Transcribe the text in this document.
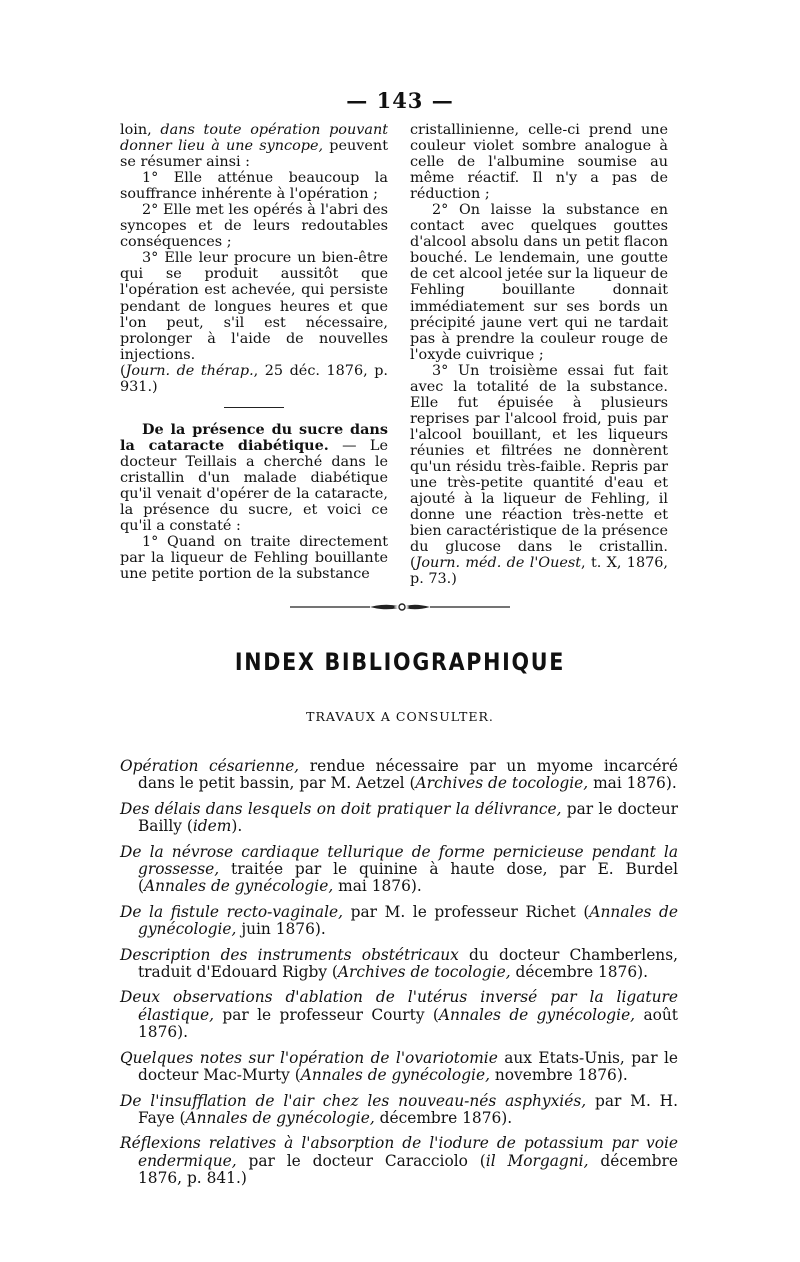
— 143 —

loin, dans toute opération pouvant donner lieu à une syncope, peuvent se résumer ainsi :

1° Elle atténue beaucoup la souffrance inhérente à l'opération ;

2° Elle met les opérés à l'abri des syncopes et de leurs redoutables conséquences ;

3° Elle leur procure un bien-être qui se produit aussitôt que l'opération est achevée, qui persiste pendant de longues heures et que l'on peut, s'il est nécessaire, prolonger à l'aide de nouvelles injections.

(Journ. de thérap., 25 déc. 1876, p. 931.)

De la présence du sucre dans la cataracte diabétique. — Le docteur Teillais a cherché dans le cristallin d'un malade diabétique qu'il venait d'opérer de la cataracte, la présence du sucre, et voici ce qu'il a constaté :

1° Quand on traite directement par la liqueur de Fehling bouillante une petite portion de la substance

cristallinienne, celle-ci prend une couleur violet sombre analogue à celle de l'albumine soumise au même réactif. Il n'y a pas de réduction ;

2° On laisse la substance en contact avec quelques gouttes d'alcool absolu dans un petit flacon bouché. Le lendemain, une goutte de cet alcool jetée sur la liqueur de Fehling bouillante donnait immédiatement sur ses bords un précipité jaune vert qui ne tardait pas à prendre la couleur rouge de l'oxyde cuivrique ;

3° Un troisième essai fut fait avec la totalité de la substance. Elle fut épuisée à plusieurs reprises par l'alcool froid, puis par l'alcool bouillant, et les liqueurs réunies et filtrées ne donnèrent qu'un résidu très-faible. Repris par une très-petite quantité d'eau et ajouté à la liqueur de Fehling, il donne une réaction très-nette et bien caractéristique de la présence du glucose dans le cristallin. (Journ. méd. de l'Ouest, t. X, 1876, p. 73.)

INDEX BIBLIOGRAPHIQUE
TRAVAUX A CONSULTER.

Opération césarienne, rendue nécessaire par un myome incarcéré dans le petit bassin, par M. Aetzel (Archives de tocologie, mai 1876).

Des délais dans lesquels on doit pratiquer la délivrance, par le docteur Bailly (idem).

De la névrose cardiaque tellurique de forme pernicieuse pendant la grossesse, traitée par le quinine à haute dose, par E. Burdel (Annales de gynécologie, mai 1876).

De la fistule recto-vaginale, par M. le professeur Richet (Annales de gynécologie, juin 1876).

Description des instruments obstétricaux du docteur Chamberlens, traduit d'Edouard Rigby (Archives de tocologie, décembre 1876).

Deux observations d'ablation de l'utérus inversé par la ligature élastique, par le professeur Courty (Annales de gynécologie, août 1876).

Quelques notes sur l'opération de l'ovariotomie aux Etats-Unis, par le docteur Mac-Murty (Annales de gynécologie, novembre 1876).

De l'insufflation de l'air chez les nouveau-nés asphyxiés, par M. H. Faye (Annales de gynécologie, décembre 1876).

Réflexions relatives à l'absorption de l'iodure de potassium par voie endermique, par le docteur Caracciolo (il Morgagni, décembre 1876, p. 841.)
